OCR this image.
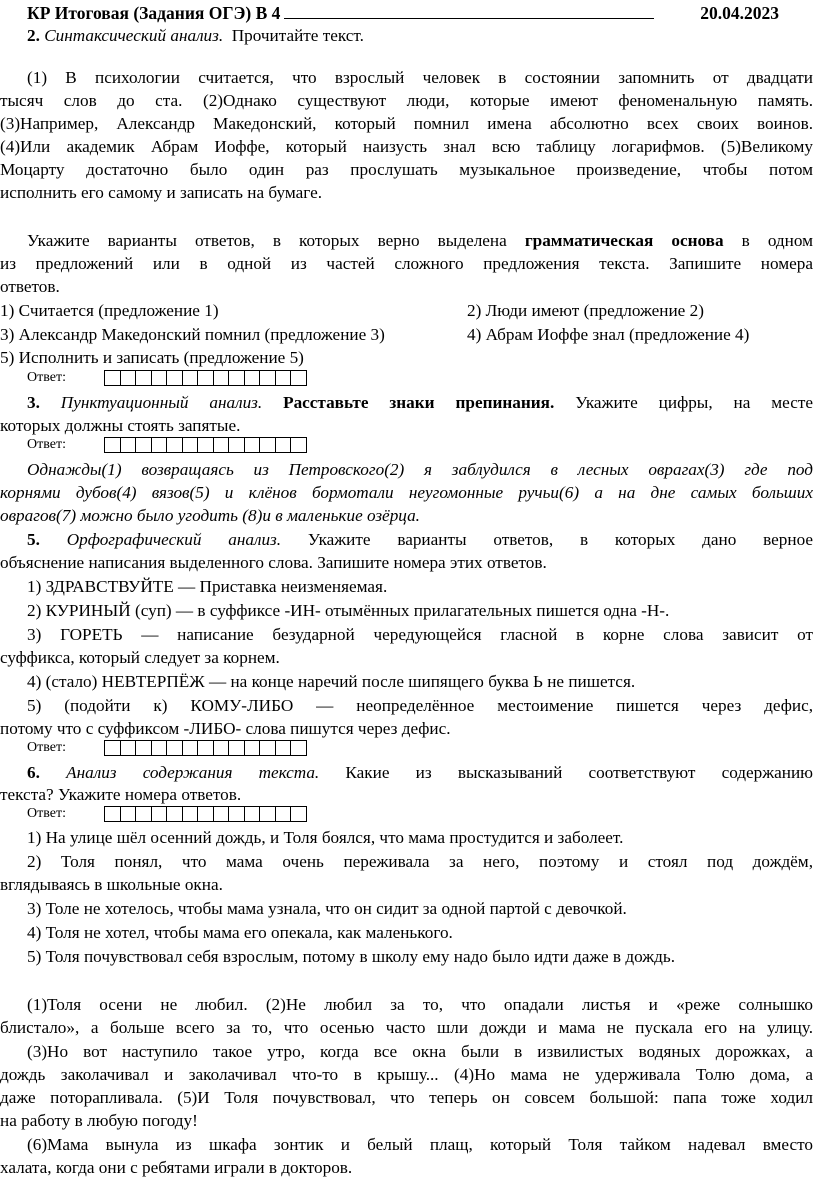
КР Итоговая (Задания ОГЭ) В 4	20.04.2023
2. Синтаксический анализ. Прочитайте текст.
(1) В психологии считается, что взрослый человек в состоянии запомнить от двадцати
тысяч слов до ста. (2)Однако существуют люди, которые имеют феноменальную память.
(3)Например, Александр Македонский, который помнил имена абсолютно всех своих воинов.
(4)Или академик Абрам Иоффе, который наизусть знал всю таблицу логарифмов. (5)Великому
Моцарту достаточно было один раз прослушать музыкальное произведение, чтобы потом
исполнить его самому и записать на бумаге.
Укажите варианты ответов, в которых верно выделена грамматическая основа в одном
из предложений или в одной из частей сложного предложения текста. Запишите номера
ответов.
1) Считается (предложение 1)	2) Люди имеют (предложение 2)
3) Александр Македонский помнил (предложение 3)	4) Абрам Иоффе знал (предложение 4)
5) Исполнить и записать (предложение 5)
Ответ:
3. Пунктуационный анализ. Расставьте знаки препинания. Укажите цифры, на месте
которых должны стоять запятые.
Ответ:
Однажды(1) возвращаясь из Петровского(2) я заблудился в лесных оврагах(3) где под
корнями дубов(4) вязов(5) и клёнов бормотали неугомонные ручьи(6) а на дне самых больших
оврагов(7) можно было угодить (8)и в маленькие озёрца.
5. Орфографический анализ. Укажите варианты ответов, в которых дано верное
объяснение написания выделенного слова. Запишите номера этих ответов.
1) ЗДРАВСТВУЙТЕ — Приставка неизменяемая.
2) КУРИНЫЙ (суп) — в суффиксе -ИН- отымённых прилагательных пишется одна -Н-.
3) ГОРЕТЬ — написание безударной чередующейся гласной в корне слова зависит от
суффикса, который следует за корнем.
4) (стало) НЕВТЕРПЁЖ — на конце наречий после шипящего буква Ь не пишется.
5) (подойти к) КОМУ-ЛИБО — неопределённое местоимение пишется через дефис,
потому что с суффиксом -ЛИБО- слова пишутся через дефис.
Ответ:
6. Анализ содержания текста. Какие из высказываний соответствуют содержанию
текста? Укажите номера ответов.
Ответ:
1) На улице шёл осенний дождь, и Толя боялся, что мама простудится и заболеет.
2) Толя понял, что мама очень переживала за него, поэтому и стоял под дождём,
вглядываясь в школьные окна.
3) Толе не хотелось, чтобы мама узнала, что он сидит за одной партой с девочкой.
4) Толя не хотел, чтобы мама его опекала, как маленького.
5) Толя почувствовал себя взрослым, потому в школу ему надо было идти даже в дождь.
(1)Толя осени не любил. (2)Не любил за то, что опадали листья и «реже солнышко
блистало», а больше всего за то, что осенью часто шли дожди и мама не пускала его на улицу.
(3)Но вот наступило такое утро, когда все окна были в извилистых водяных дорожках, а
дождь заколачивал и заколачивал что-то в крышу... (4)Но мама не удерживала Толю дома, а
даже поторапливала. (5)И Толя почувствовал, что теперь он совсем большой: папа тоже ходил
на работу в любую погоду!
(6)Мама вынула из шкафа зонтик и белый плащ, который Толя тайком надевал вместо
халата, когда они с ребятами играли в докторов.
